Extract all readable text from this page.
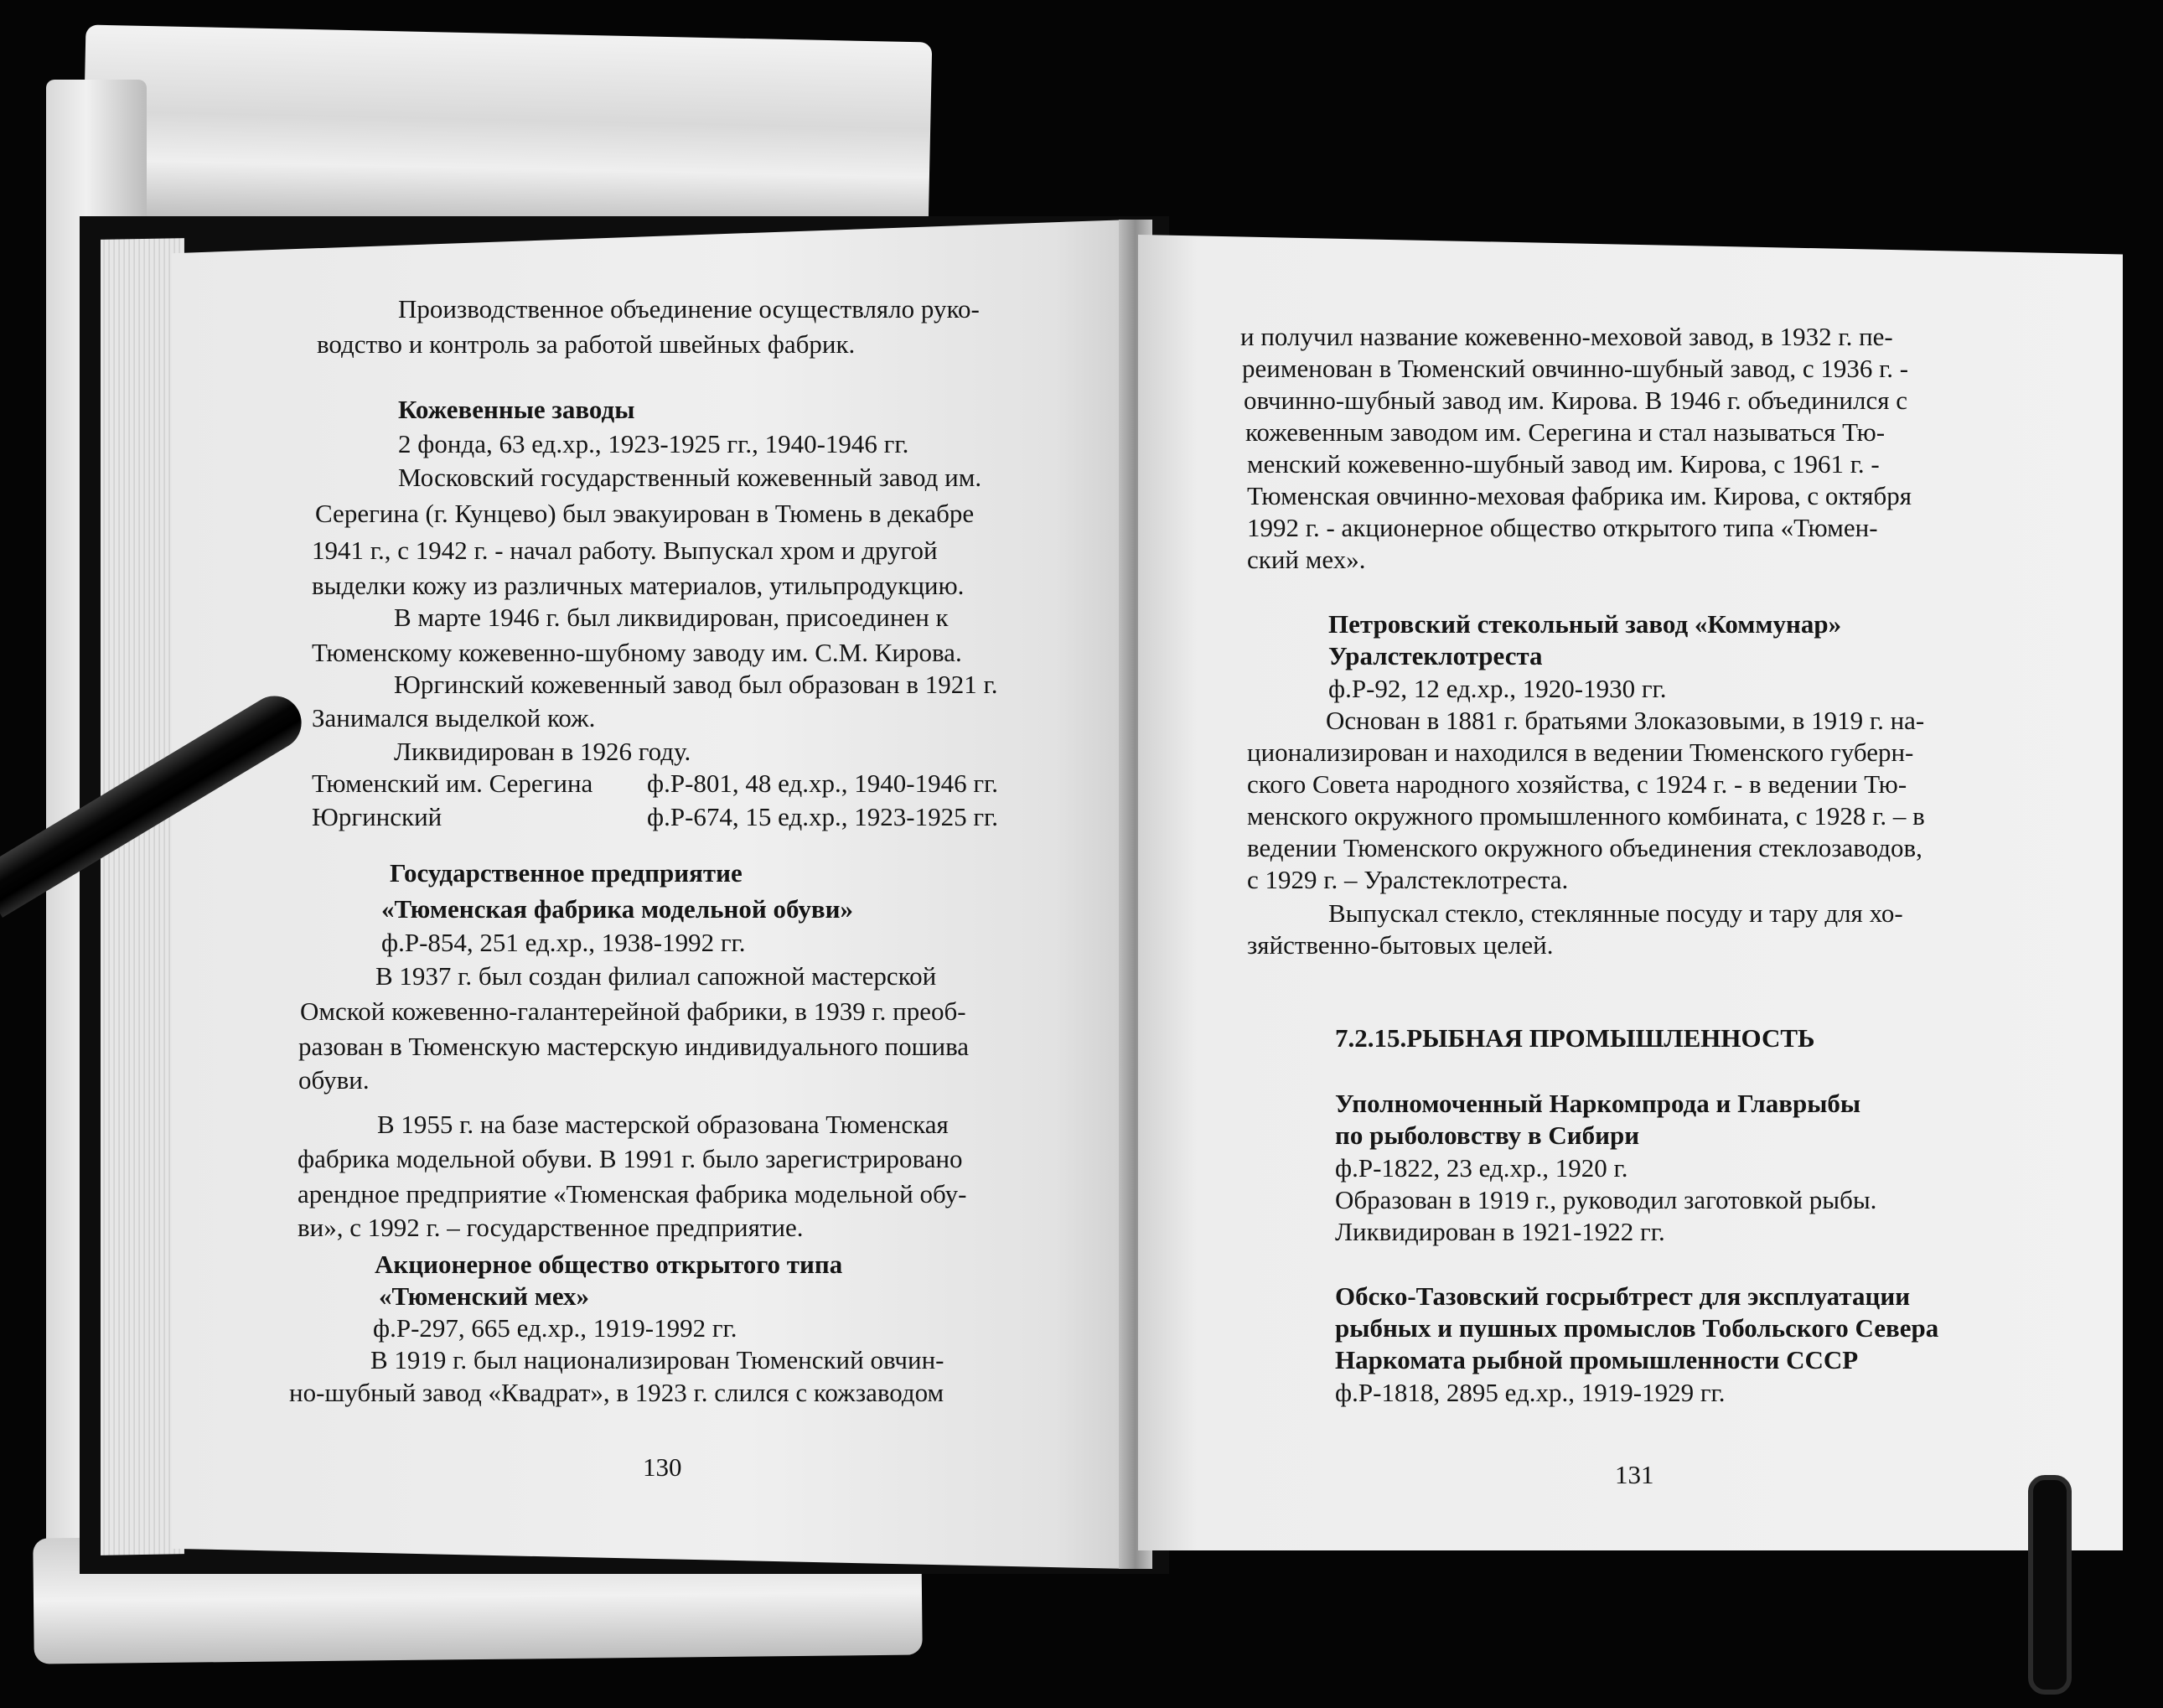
Производственное объединение осуществляло руко-

водство и контроль за работой швейных фабрик.

Кожевенные заводы

2 фонда, 63 ед.хр., 1923-1925 гг., 1940-1946 гг.

Московский государственный кожевенный завод им.

Серегина (г. Кунцево) был эвакуирован в Тюмень в декабре

1941 г., с 1942 г. - начал работу. Выпускал хром и другой

выделки кожу из различных материалов, утильпродукцию.

В марте 1946 г. был ликвидирован, присоединен к

Тюменскому кожевенно-шубному заводу им. С.М. Кирова.

Юргинский кожевенный завод был образован в 1921 г.

Занимался выделкой кож.

Ликвидирован в 1926 году.

Тюменский им. Серегина	ф.Р-801, 48 ед.хр., 1940-1946 гг.
Юргинский	ф.Р-674, 15 ед.хр., 1923-1925 гг.

Государственное предприятие

«Тюменская фабрика модельной обуви»

ф.Р-854, 251 ед.хр., 1938-1992 гг.

В 1937 г. был создан филиал сапожной мастерской

Омской кожевенно-галантерейной фабрики, в 1939 г. преоб-

разован в Тюменскую мастерскую индивидуального пошива

обуви.

В 1955 г. на базе мастерской образована Тюменская

фабрика модельной обуви. В 1991 г. было зарегистрировано

арендное предприятие «Тюменская фабрика модельной обу-

ви», с 1992 г. – государственное предприятие.

Акционерное общество открытого типа

«Тюменский мех»

ф.Р-297, 665 ед.хр., 1919-1992 гг.

В 1919 г. был национализирован Тюменский овчин-

но-шубный завод «Квадрат», в 1923 г. слился с кожзаводом

130

и получил название кожевенно-меховой завод, в 1932 г. пе-

реименован в Тюменский овчинно-шубный завод, с 1936 г. -

овчинно-шубный завод им. Кирова. В 1946 г. объединился с

кожевенным заводом им. Серегина и стал называться Тю-

менский кожевенно-шубный завод им. Кирова, с 1961 г. -

Тюменская овчинно-меховая фабрика им. Кирова, с октября

1992 г. - акционерное общество открытого типа «Тюмен-

ский мех».

Петровский стекольный завод «Коммунар»

Уралстеклотреста

ф.Р-92, 12 ед.хр., 1920-1930 гг.

Основан в 1881 г. братьями Злоказовыми, в 1919 г. на-

ционализирован и находился в ведении Тюменского губерн-

ского Совета народного хозяйства, с 1924 г. - в ведении Тю-

менского окружного промышленного комбината, с 1928 г. – в

ведении Тюменского окружного объединения стеклозаводов,

с 1929 г. – Уралстеклотреста.

Выпускал стекло, стеклянные посуду и тару для хо-

зяйственно-бытовых целей.

7.2.15.РЫБНАЯ ПРОМЫШЛЕННОСТЬ

Уполномоченный Наркомпрода и Главрыбы

по рыболовству в Сибири

ф.Р-1822, 23 ед.хр., 1920 г.

Образован в 1919 г., руководил заготовкой рыбы.

Ликвидирован в 1921-1922 гг.

Обско-Тазовский госрыбтрест для эксплуатации

рыбных и пушных промыслов Тобольского Севера

Наркомата рыбной промышленности СССР

ф.Р-1818, 2895 ед.хр., 1919-1929 гг.

131
